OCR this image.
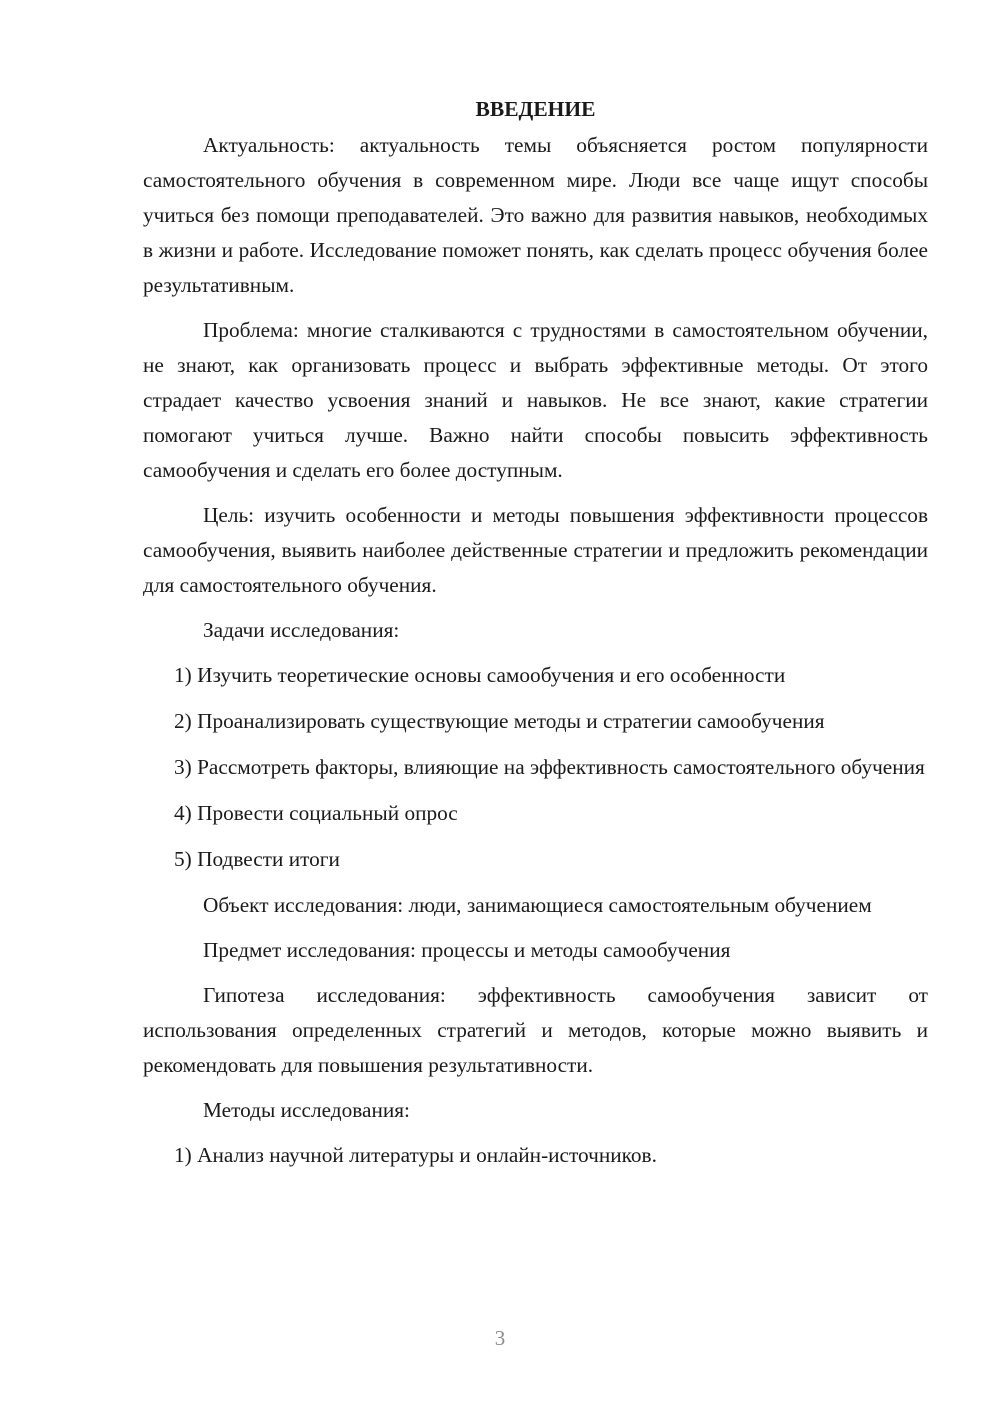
ВВЕДЕНИЕ

Актуальность: актуальность темы объясняется ростом популярности самостоятельного обучения в современном мире. Люди все чаще ищут способы учиться без помощи преподавателей. Это важно для развития навыков, необходимых в жизни и работе. Исследование поможет понять, как сделать процесс обучения более результативным.

Проблема: многие сталкиваются с трудностями в самостоятельном обучении, не знают, как организовать процесс и выбрать эффективные методы. От этого страдает качество усвоения знаний и навыков. Не все знают, какие стратегии помогают учиться лучше. Важно найти способы повысить эффективность самообучения и сделать его более доступным.

Цель: изучить особенности и методы повышения эффективности процессов самообучения, выявить наиболее действенные стратегии и предложить рекомендации для самостоятельного обучения.

Задачи исследования:

1) Изучить теоретические основы самообучения и его особенности

2) Проанализировать существующие методы и стратегии самообучения

3) Рассмотреть факторы, влияющие на эффективность самостоятельного обучения

4) Провести социальный опрос

5) Подвести итоги

Объект исследования: люди, занимающиеся самостоятельным обучением

Предмет исследования: процессы и методы самообучения

Гипотеза исследования: эффективность самообучения зависит от использования определенных стратегий и методов, которые можно выявить и рекомендовать для повышения результативности.

Методы исследования:

1) Анализ научной литературы и онлайн-источников.

3
